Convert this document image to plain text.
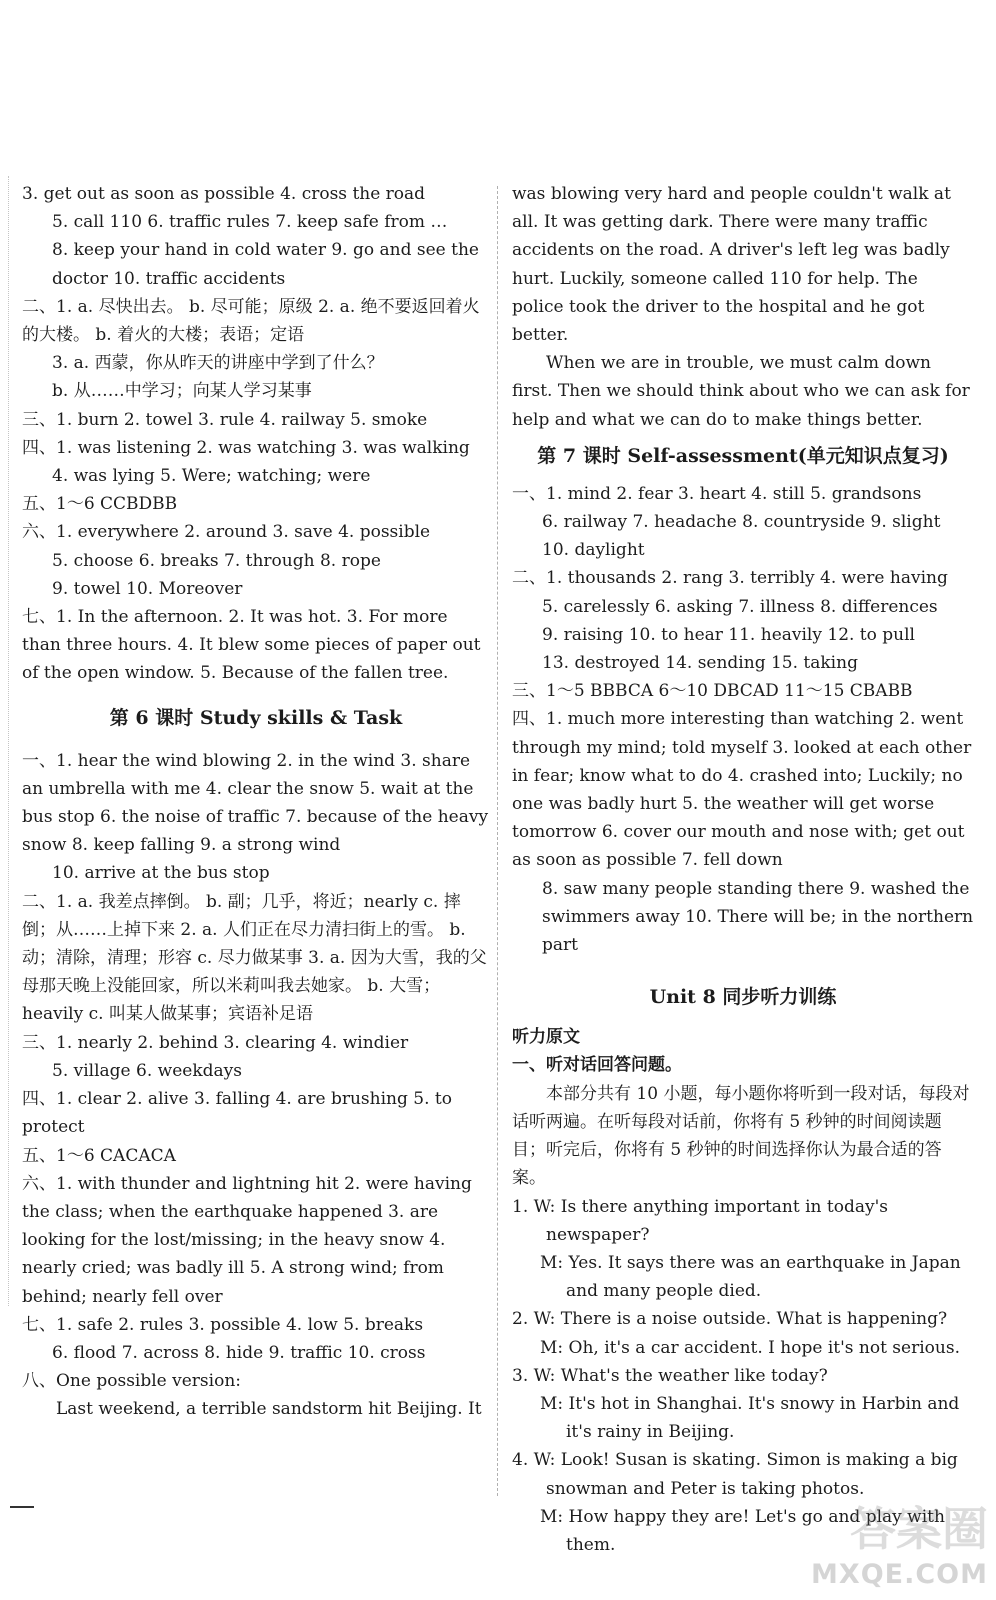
3. get out as soon as possible 4. cross the road

5. call 110 6. traffic rules 7. keep safe from …

8. keep your hand in cold water 9. go and see the doctor 10. traffic accidents

二、1. a. 尽快出去。 b. 尽可能；原级 2. a. 绝不要返回着火的大楼。 b. 着火的大楼；表语；定语

3. a. 西蒙，你从昨天的讲座中学到了什么？

b. 从……中学习；向某人学习某事

三、1. burn 2. towel 3. rule 4. railway 5. smoke

四、1. was listening 2. was watching 3. was walking

4. was lying 5. Were; watching; were

五、1～6 CCBDBB

六、1. everywhere 2. around 3. save 4. possible

5. choose 6. breaks 7. through 8. rope

9. towel 10. Moreover

七、1. In the afternoon. 2. It was hot. 3. For more than three hours. 4. It blew some pieces of paper out of the open window. 5. Because of the fallen tree.

第 6 课时 Study skills & Task

一、1. hear the wind blowing 2. in the wind 3. share an umbrella with me 4. clear the snow 5. wait at the bus stop 6. the noise of traffic 7. because of the heavy snow 8. keep falling 9. a strong wind

10. arrive at the bus stop

二、1. a. 我差点摔倒。 b. 副；几乎，将近；nearly c. 摔倒；从……上掉下来 2. a. 人们正在尽力清扫街上的雪。 b. 动；清除，清理；形容 c. 尽力做某事 3. a. 因为大雪，我的父母那天晚上没能回家，所以米莉叫我去她家。 b. 大雪；heavily c. 叫某人做某事；宾语补足语

三、1. nearly 2. behind 3. clearing 4. windier

5. village 6. weekdays

四、1. clear 2. alive 3. falling 4. are brushing 5. to protect

五、1～6 CACACA

六、1. with thunder and lightning hit 2. were having the class; when the earthquake happened 3. are looking for the lost/missing; in the heavy snow 4. nearly cried; was badly ill 5. A strong wind; from behind; nearly fell over

七、1. safe 2. rules 3. possible 4. low 5. breaks

6. flood 7. across 8. hide 9. traffic 10. cross

八、One possible version:

Last weekend, a terrible sandstorm hit Beijing. It

was blowing very hard and people couldn't walk at all. It was getting dark. There were many traffic accidents on the road. A driver's left leg was badly hurt. Luckily, someone called 110 for help. The police took the driver to the hospital and he got better.

When we are in trouble, we must calm down first. Then we should think about who we can ask for help and what we can do to make things better.

第 7 课时 Self-assessment(单元知识点复习)

一、1. mind 2. fear 3. heart 4. still 5. grandsons

6. railway 7. headache 8. countryside 9. slight

10. daylight

二、1. thousands 2. rang 3. terribly 4. were having

5. carelessly 6. asking 7. illness 8. differences

9. raising 10. to hear 11. heavily 12. to pull

13. destroyed 14. sending 15. taking

三、1～5 BBBCA 6～10 DBCAD 11～15 CBABB

四、1. much more interesting than watching 2. went through my mind; told myself 3. looked at each other in fear; know what to do 4. crashed into; Luckily; no one was badly hurt 5. the weather will get worse tomorrow 6. cover our mouth and nose with; get out as soon as possible 7. fell down

8. saw many people standing there 9. washed the swimmers away 10. There will be; in the northern part

Unit 8 同步听力训练

听力原文

一、听对话回答问题。

本部分共有 10 小题，每小题你将听到一段对话，每段对话听两遍。在听每段对话前，你将有 5 秒钟的时间阅读题目；听完后，你将有 5 秒钟的时间选择你认为最合适的答案。

1. W: Is there anything important in today's newspaper?

M: Yes. It says there was an earthquake in Japan and many people died.

2. W: There is a noise outside. What is happening?

M: Oh, it's a car accident. I hope it's not serious.

3. W: What's the weather like today?

M: It's hot in Shanghai. It's snowy in Harbin and it's rainy in Beijing.

4. W: Look! Susan is skating. Simon is making a big snowman and Peter is taking photos.

M: How happy they are! Let's go and play with them.	答案圈
MXQE.COM
